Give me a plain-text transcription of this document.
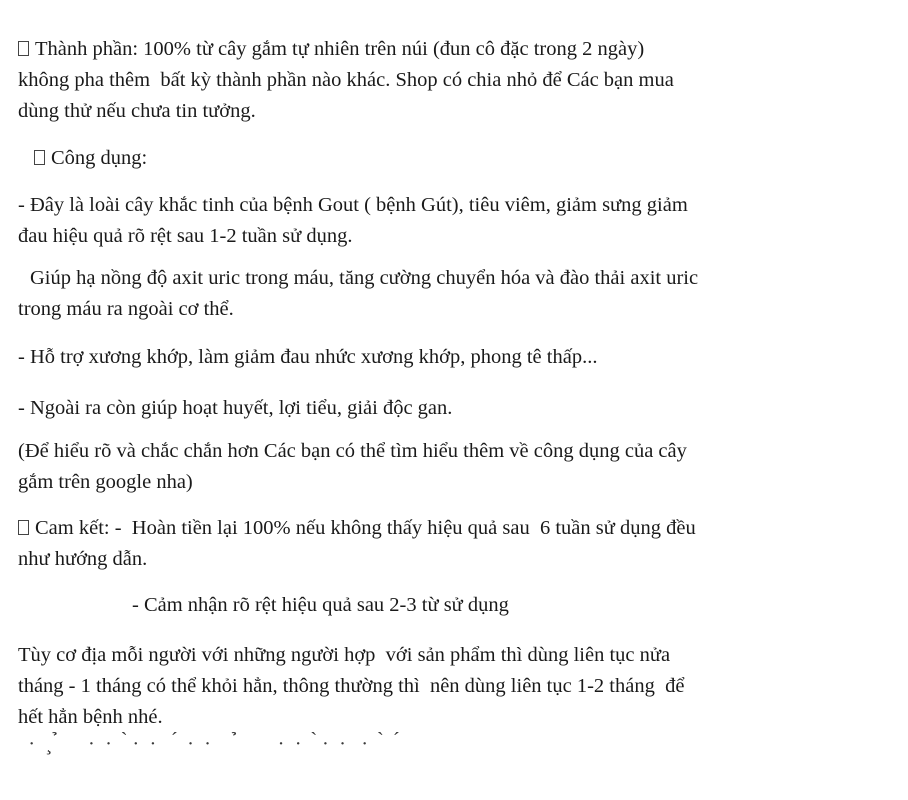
Thành phần: 100% từ cây gắm tự nhiên trên núi (đun cô đặc trong 2 ngày)
không pha thêm  bất kỳ thành phần nào khác. Shop có chia nhỏ để Các bạn mua
dùng thử nếu chưa tin tưởng.

Công dụng:

- Đây là loài cây khắc tinh của bệnh Gout ( bệnh Gút), tiêu viêm, giảm sưng giảm
đau hiệu quả rõ rệt sau 1-2 tuần sử dụng.

Giúp hạ nồng độ axit uric trong máu, tăng cường chuyển hóa và đào thải axit uric
trong máu ra ngoài cơ thể.

- Hỗ trợ xương khớp, làm giảm đau nhức xương khớp, phong tê thấp...

- Ngoài ra còn giúp hoạt huyết, lợi tiểu, giải độc gan.

(Để hiểu rõ và chắc chắn hơn Các bạn có thể tìm hiểu thêm về công dụng của cây
gắm trên google nha)

Cam kết: -  Hoàn tiền lại 100% nếu không thấy hiệu quả sau  6 tuần sử dụng đều
như hướng dẫn.

- Cảm nhận rõ rệt hiệu quả sau 2-3 từ sử dụng

Tùy cơ địa mỗi người với những người hợp  với sản phẩm thì dùng liên tục nửa
tháng - 1 tháng có thể khỏi hẳn, thông thường thì  nên dùng liên tục 1-2 tháng  để
hết hẳn bệnh nhé.

·  ¸ ̉      ·  ·   ̀ ·  ·    ́  ·  ·     ̉        ·  ·   ̀ ·  ·   ·   ̀   ́
